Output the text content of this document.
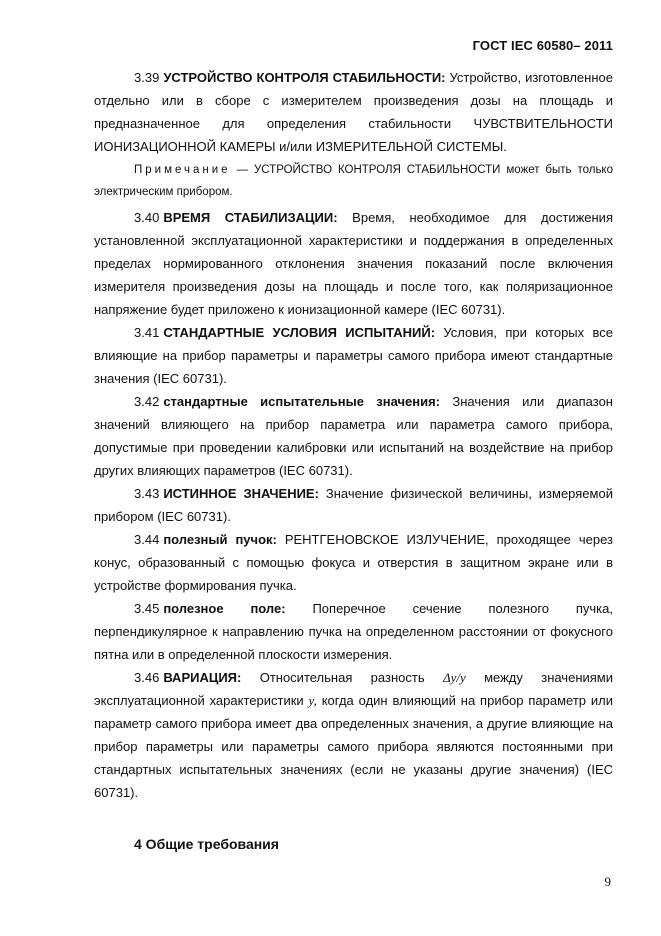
ГОСТ IEC 60580– 2011

3.39 УСТРОЙСТВО КОНТРОЛЯ СТАБИЛЬНОСТИ: Устройство, изготовленное отдельно или в сборе с измерителем произведения дозы на площадь и предназначенное для определения стабильности ЧУВСТВИТЕЛЬНОСТИ ИОНИЗАЦИОННОЙ КАМЕРЫ и/или ИЗМЕРИТЕЛЬНОЙ СИСТЕМЫ.

Примечание — УСТРОЙСТВО КОНТРОЛЯ СТАБИЛЬНОСТИ может быть только электрическим прибором.

3.40 ВРЕМЯ СТАБИЛИЗАЦИИ: Время, необходимое для достижения установленной эксплуатационной характеристики и поддержания в определенных пределах нормированного отклонения значения показаний после включения измерителя произведения дозы на площадь и после того, как поляризационное напряжение будет приложено к ионизационной камере (IEC 60731).

3.41 СТАНДАРТНЫЕ УСЛОВИЯ ИСПЫТАНИЙ: Условия, при которых все влияющие на прибор параметры и параметры самого прибора имеют стандартные значения (IEC 60731).

3.42 стандартные испытательные значения: Значения или диапазон значений влияющего на прибор параметра или параметра самого прибора, допустимые при проведении калибровки или испытаний на воздействие на прибор других влияющих параметров (IEC 60731).

3.43 ИСТИННОЕ ЗНАЧЕНИЕ: Значение физической величины, измеряемой прибором (IEC 60731).

3.44 полезный пучок: РЕНТГЕНОВСКОЕ ИЗЛУЧЕНИЕ, проходящее через конус, образованный с помощью фокуса и отверстия в защитном экране или в устройстве формирования пучка.

3.45 полезное поле: Поперечное сечение полезного пучка, перпендикулярное к направлению пучка на определенном расстоянии от фокусного пятна или в определенной плоскости измерения.

3.46 ВАРИАЦИЯ: Относительная разность Δy/y между значениями эксплуатационной характеристики y, когда один влияющий на прибор параметр или параметр самого прибора имеет два определенных значения, а другие влияющие на прибор параметры или параметры самого прибора являются постоянными при стандартных испытательных значениях (если не указаны другие значения) (IEC 60731).

4 Общие требования
9
